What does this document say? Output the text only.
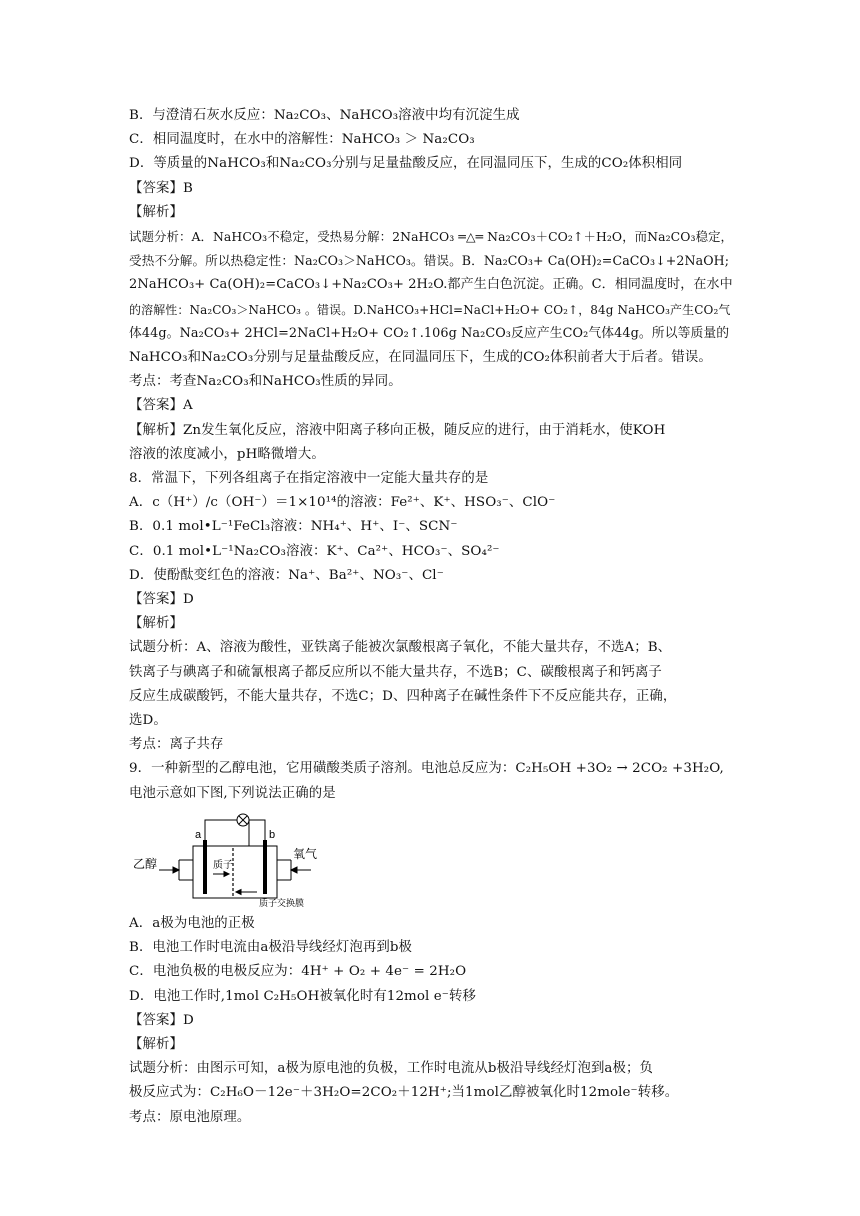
B．与澄清石灰水反应：Na₂CO₃、NaHCO₃溶液中均有沉淀生成
C．相同温度时，在水中的溶解性：NaHCO₃ ＞ Na₂CO₃
D．等质量的NaHCO₃和Na₂CO₃分别与足量盐酸反应，在同温同压下，生成的CO₂体积相同
【答案】B
【解析】
试题分析：A．NaHCO₃不稳定，受热易分解：2NaHCO₃ ═△═ Na₂CO₃＋CO₂↑＋H₂O，而Na₂CO₃稳定，
受热不分解。所以热稳定性：Na₂CO₃＞NaHCO₃。错误。B．Na₂CO₃+ Ca(OH)₂=CaCO₃↓+2NaOH;
2NaHCO₃+ Ca(OH)₂=CaCO₃↓+Na₂CO₃+ 2H₂O.都产生白色沉淀。正确。C．相同温度时，在水中
的溶解性：Na₂CO₃＞NaHCO₃ 。错误。D.NaHCO₃+HCl=NaCl+H₂O+ CO₂↑，84g NaHCO₃产生CO₂气
体44g。Na₂CO₃+ 2HCl=2NaCl+H₂O+ CO₂↑.106g Na₂CO₃反应产生CO₂气体44g。所以等质量的
NaHCO₃和Na₂CO₃分别与足量盐酸反应，在同温同压下，生成的CO₂体积前者大于后者。错误。
考点：考查Na₂CO₃和NaHCO₃性质的异同。
【答案】A
【解析】Zn发生氧化反应，溶液中阳离子移向正极，随反应的进行，由于消耗水，使KOH
溶液的浓度减小，pH略微增大。
8．常温下，下列各组离子在指定溶液中一定能大量共存的是
A．c（H⁺）/c（OH⁻）＝1×10¹⁴的溶液：Fe²⁺、K⁺、HSO₃⁻、ClO⁻
B．0.1 mol•L⁻¹FeCl₃溶液：NH₄⁺、H⁺、I⁻、SCN⁻
C．0.1 mol•L⁻¹Na₂CO₃溶液：K⁺、Ca²⁺、HCO₃⁻、SO₄²⁻
D．使酚酞变红色的溶液：Na⁺、Ba²⁺、NO₃⁻、Cl⁻
【答案】D
【解析】
试题分析：A、溶液为酸性，亚铁离子能被次氯酸根离子氧化，不能大量共存，不选A；B、
铁离子与碘离子和硫氰根离子都反应所以不能大量共存，不选B；C、碳酸根离子和钙离子
反应生成碳酸钙，不能大量共存，不选C；D、四种离子在碱性条件下不反应能共存，正确，
选D。
考点：离子共存
9．一种新型的乙醇电池，它用磺酸类质子溶剂。电池总反应为：C₂H₅OH +3O₂ → 2CO₂ +3H₂O,
电池示意如下图,下列说法正确的是
a	b
乙醇
氧气
质子
质子交换膜
A．a极为电池的正极
B．电池工作时电流由a极沿导线经灯泡再到b极
C．电池负极的电极反应为：4H⁺ + O₂ + 4e⁻ = 2H₂O
D．电池工作时,1mol C₂H₅OH被氧化时有12mol e⁻转移
【答案】D
【解析】
试题分析：由图示可知，a极为原电池的负极，工作时电流从b极沿导线经灯泡到a极；负
极反应式为：C₂H₆O－12e⁻＋3H₂O=2CO₂＋12H⁺;当1mol乙醇被氧化时12mole⁻转移。
考点：原电池原理。
